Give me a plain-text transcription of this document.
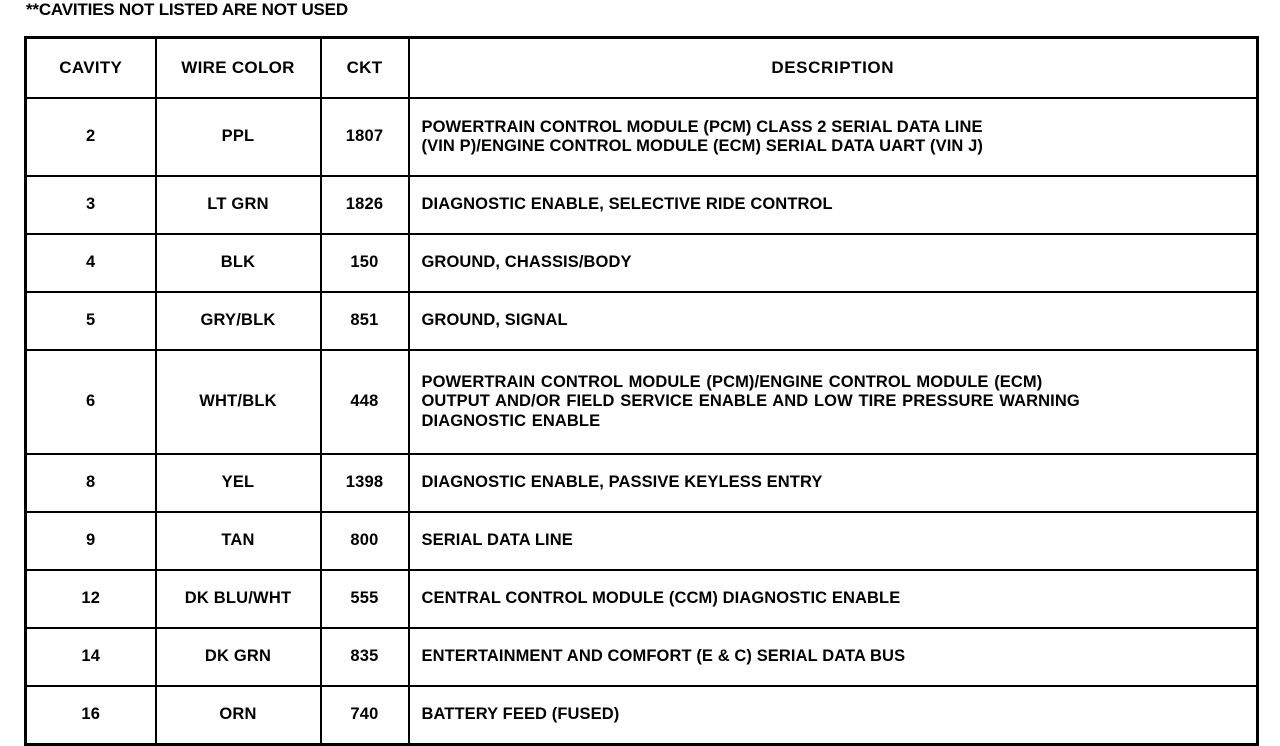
**CAVITIES NOT LISTED ARE NOT USED
CAVITY	WIRE COLOR	CKT	DESCRIPTION
2	PPL	1807	POWERTRAIN CONTROL MODULE (PCM) CLASS 2 SERIAL DATA LINE
(VIN P)/ENGINE CONTROL MODULE (ECM) SERIAL DATA UART (VIN J)

3	LT GRN	1826	DIAGNOSTIC ENABLE, SELECTIVE RIDE CONTROL
4	BLK	150	GROUND, CHASSIS/BODY
5	GRY/BLK	851	GROUND, SIGNAL
6	WHT/BLK	448	POWERTRAIN CONTROL MODULE (PCM)/ENGINE CONTROL MODULE (ECM)
OUTPUT AND/OR FIELD SERVICE ENABLE AND LOW TIRE PRESSURE WARNING
DIAGNOSTIC ENABLE

8	YEL	1398	DIAGNOSTIC ENABLE, PASSIVE KEYLESS ENTRY
9	TAN	800	SERIAL DATA LINE
12	DK BLU/WHT	555	CENTRAL CONTROL MODULE (CCM) DIAGNOSTIC ENABLE
14	DK GRN	835	ENTERTAINMENT AND COMFORT (E & C) SERIAL DATA BUS
16	ORN	740	BATTERY FEED (FUSED)
